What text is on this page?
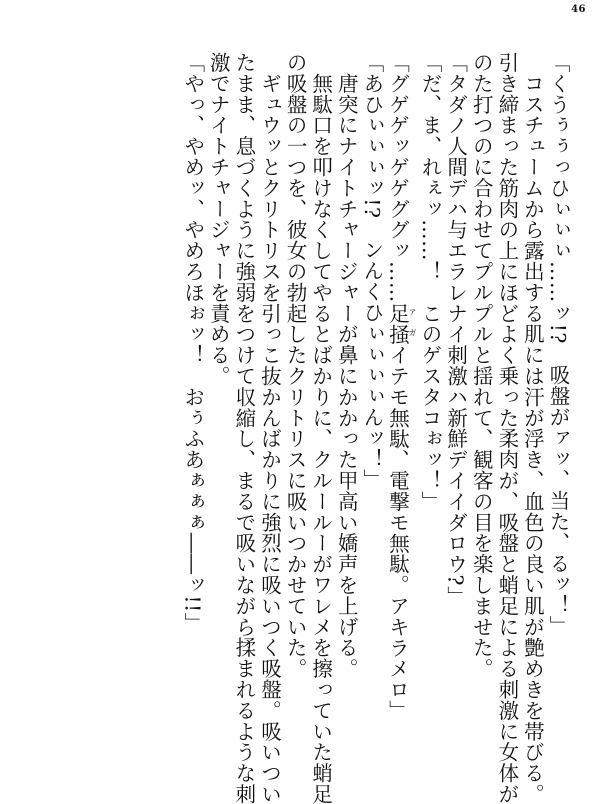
46
「くうぅぅっひぃぃぃ……ッ!?　吸盤がァッ、当た、るッ！」
　コスチュームから露出する肌には汗が浮き、血色の良い肌が艶めきを帯びる。
引き締まった筋肉の上にほどよく乗った柔肉が、吸盤と蛸足による刺激に女体が
のた打つのに合わせてプルプルと揺れて、観客の目を楽しませた。
「タダノ人間デハ与エラレナイ刺激ハ新鮮デイイダロウ?」
「だ、ま、れぇッ……！　このゲスタコぉッ！」
「グゲゲッゲゲググッ……足掻アガイテモ無駄、電撃モ無駄。アキラメロ」
「あひぃぃぃッ!?　ンんくひぃぃぃぃんッ！」
　唐突にナイトチャージャーが鼻にかかった甲高い嬌声を上げる。
　無駄口を叩けなくしてやるとばかりに、クルールーがワレメを擦っていた蛸足
の吸盤の一つを、彼女の勃起したクリトリスに吸いつかせていた。
　ギュウッとクリトリスを引っこ抜かんばかりに強烈に吸いつく吸盤。吸いつい
たまま、息づくように強弱をつけて収縮し、まるで吸いながら揉まれるような刺
激でナイトチャージャーを責める。
「やっ、やめッ、やめろほぉッ！　おぅふあぁぁぁ――ッ!!」
